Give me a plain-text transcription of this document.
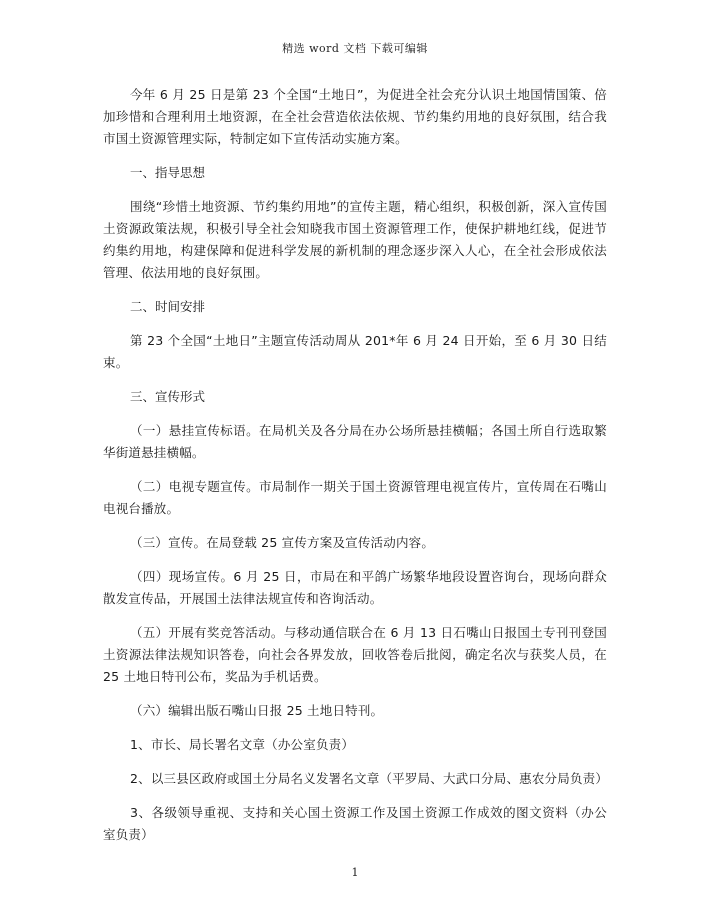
精选 word 文档 下载可编辑

今年 6 月 25 日是第 23 个全国“土地日”，为促进全社会充分认识土地国情国策、倍加珍惜和合理利用土地资源，在全社会营造依法依规、节约集约用地的良好氛围，结合我市国土资源管理实际，特制定如下宣传活动实施方案。

一、指导思想

围绕“珍惜土地资源、节约集约用地”的宣传主题，精心组织，积极创新，深入宣传国土资源政策法规，积极引导全社会知晓我市国土资源管理工作，使保护耕地红线，促进节约集约用地，构建保障和促进科学发展的新机制的理念逐步深入人心，在全社会形成依法管理、依法用地的良好氛围。

二、时间安排

第 23 个全国“土地日”主题宣传活动周从 201*年 6 月 24 日开始，至 6 月 30 日结束。

三、宣传形式

（一）悬挂宣传标语。在局机关及各分局在办公场所悬挂横幅；各国土所自行选取繁华街道悬挂横幅。

（二）电视专题宣传。市局制作一期关于国土资源管理电视宣传片，宣传周在石嘴山电视台播放。

（三）宣传。在局登载 25 宣传方案及宣传活动内容。

（四）现场宣传。6 月 25 日，市局在和平鸽广场繁华地段设置咨询台，现场向群众散发宣传品，开展国土法律法规宣传和咨询活动。

（五）开展有奖竞答活动。与移动通信联合在 6 月 13 日石嘴山日报国土专刊刊登国土资源法律法规知识答卷，向社会各界发放，回收答卷后批阅，确定名次与获奖人员，在 25 土地日特刊公布，奖品为手机话费。

（六）编辑出版石嘴山日报 25 土地日特刊。

1、市长、局长署名文章（办公室负责）

2、以三县区政府或国土分局名义发署名文章（平罗局、大武口分局、惠农分局负责）

3、各级领导重视、支持和关心国土资源工作及国土资源工作成效的图文资料（办公室负责）

1
